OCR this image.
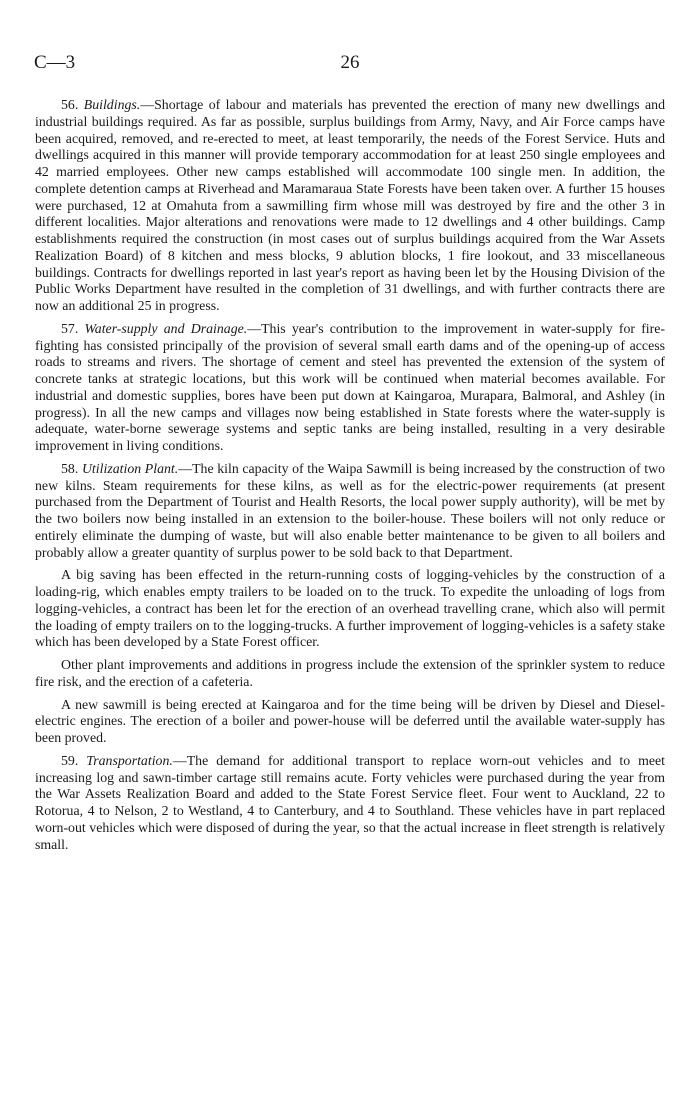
C—3	26

56. Buildings.—Shortage of labour and materials has prevented the erection of many new dwellings and industrial buildings required. As far as possible, surplus buildings from Army, Navy, and Air Force camps have been acquired, removed, and re-erected to meet, at least temporarily, the needs of the Forest Service. Huts and dwellings acquired in this manner will provide temporary accommodation for at least 250 single employees and 42 married employees. Other new camps established will accommodate 100 single men. In addition, the complete detention camps at Riverhead and Maramaraua State Forests have been taken over. A further 15 houses were purchased, 12 at Omahuta from a sawmilling firm whose mill was destroyed by fire and the other 3 in different localities. Major alterations and renovations were made to 12 dwellings and 4 other buildings. Camp establishments required the construction (in most cases out of surplus buildings acquired from the War Assets Realization Board) of 8 kitchen and mess blocks, 9 ablution blocks, 1 fire lookout, and 33 miscellaneous buildings. Contracts for dwellings reported in last year's report as having been let by the Housing Division of the Public Works Department have resulted in the completion of 31 dwellings, and with further contracts there are now an additional 25 in progress.

57. Water-supply and Drainage.—This year's contribution to the improvement in water-supply for fire-fighting has consisted principally of the provision of several small earth dams and of the opening-up of access roads to streams and rivers. The shortage of cement and steel has prevented the extension of the system of concrete tanks at strategic locations, but this work will be continued when material becomes available. For industrial and domestic supplies, bores have been put down at Kaingaroa, Murapara, Balmoral, and Ashley (in progress). In all the new camps and villages now being established in State forests where the water-supply is adequate, water-borne sewerage systems and septic tanks are being installed, resulting in a very desirable improvement in living conditions.

58. Utilization Plant.—The kiln capacity of the Waipa Sawmill is being increased by the construction of two new kilns. Steam requirements for these kilns, as well as for the electric-power requirements (at present purchased from the Department of Tourist and Health Resorts, the local power supply authority), will be met by the two boilers now being installed in an extension to the boiler-house. These boilers will not only reduce or entirely eliminate the dumping of waste, but will also enable better maintenance to be given to all boilers and probably allow a greater quantity of surplus power to be sold back to that Department.

A big saving has been effected in the return-running costs of logging-vehicles by the construction of a loading-rig, which enables empty trailers to be loaded on to the truck. To expedite the unloading of logs from logging-vehicles, a contract has been let for the erection of an overhead travelling crane, which also will permit the loading of empty trailers on to the logging-trucks. A further improvement of logging-vehicles is a safety stake which has been developed by a State Forest officer.

Other plant improvements and additions in progress include the extension of the sprinkler system to reduce fire risk, and the erection of a cafeteria.

A new sawmill is being erected at Kaingaroa and for the time being will be driven by Diesel and Diesel-electric engines. The erection of a boiler and power-house will be deferred until the available water-supply has been proved.

59. Transportation.—The demand for additional transport to replace worn-out vehicles and to meet increasing log and sawn-timber cartage still remains acute. Forty vehicles were purchased during the year from the War Assets Realization Board and added to the State Forest Service fleet. Four went to Auckland, 22 to Rotorua, 4 to Nelson, 2 to Westland, 4 to Canterbury, and 4 to Southland. These vehicles have in part replaced worn-out vehicles which were disposed of during the year, so that the actual increase in fleet strength is relatively small.
